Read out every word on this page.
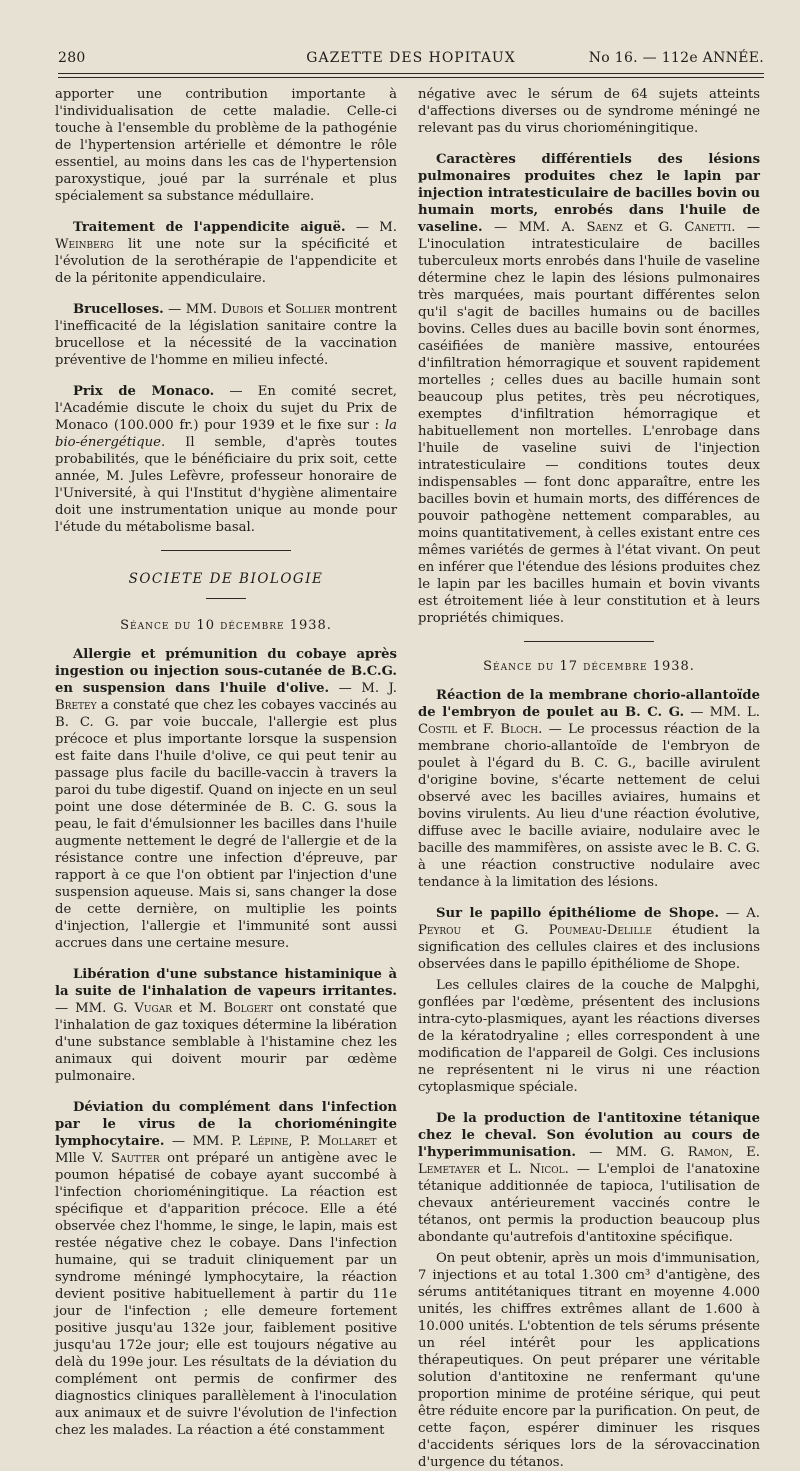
280	GAZETTE DES HOPITAUX	No 16. — 112e ANNÉE.

apporter une contribution importante à l'individualisation de cette maladie. Celle-ci touche à l'ensemble du problème de la pathogénie de l'hypertension artérielle et démontre le rôle essentiel, au moins dans les cas de l'hypertension paroxystique, joué par la surrénale et plus spécialement sa substance médullaire.

Traitement de l'appendicite aiguë. — M. Weinberg lit une note sur la spécificité et l'évolution de la serothérapie de l'appendicite et de la péritonite appendiculaire.

Brucelloses. — MM. Dubois et Sollier montrent l'inefficacité de la législation sanitaire contre la brucellose et la nécessité de la vaccination préventive de l'homme en milieu infecté.

Prix de Monaco. — En comité secret, l'Académie discute le choix du sujet du Prix de Monaco (100.000 fr.) pour 1939 et le fixe sur : la bio-énergétique. Il semble, d'après toutes probabilités, que le bénéficiaire du prix soit, cette année, M. Jules Lefèvre, professeur honoraire de l'Université, à qui l'Institut d'hygiène alimentaire doit une instrumentation unique au monde pour l'étude du métabolisme basal.

SOCIETE DE BIOLOGIE
Séance du 10 décembre 1938.

Allergie et prémunition du cobaye après ingestion ou injection sous-cutanée de B.C.G. en suspension dans l'huile d'olive. — M. J. Bretey a constaté que chez les cobayes vaccinés au B. C. G. par voie buccale, l'allergie est plus précoce et plus importante lorsque la suspension est faite dans l'huile d'olive, ce qui peut tenir au passage plus facile du bacille-vaccin à travers la paroi du tube digestif. Quand on injecte en un seul point une dose déterminée de B. C. G. sous la peau, le fait d'émulsionner les bacilles dans l'huile augmente nettement le degré de l'allergie et de la résistance contre une infection d'épreuve, par rapport à ce que l'on obtient par l'injection d'une suspension aqueuse. Mais si, sans changer la dose de cette dernière, on multiplie les points d'injection, l'allergie et l'immunité sont aussi accrues dans une certaine mesure.

Libération d'une substance histaminique à la suite de l'inhalation de vapeurs irritantes. — MM. G. Vugar et M. Bolgert ont constaté que l'inhalation de gaz toxiques détermine la libération d'une substance semblable à l'histamine chez les animaux qui doivent mourir par œdème pulmonaire.

Déviation du complément dans l'infection par le virus de la chorioméningite lymphocytaire. — MM. P. Lépine, P. Mollaret et Mlle V. Sautter ont préparé un antigène avec le poumon hépatisé de cobaye ayant succombé à l'infection chorioméningitique. La réaction est spécifique et d'apparition précoce. Elle a été observée chez l'homme, le singe, le lapin, mais est restée négative chez le cobaye. Dans l'infection humaine, qui se traduit cliniquement par un syndrome méningé lymphocytaire, la réaction devient positive habituellement à partir du 11e jour de l'infection ; elle demeure fortement positive jusqu'au 132e jour, faiblement positive jusqu'au 172e jour; elle est toujours négative au delà du 199e jour. Les résultats de la déviation du complément ont permis de confirmer des diagnostics cliniques parallèlement à l'inoculation aux animaux et de suivre l'évolution de l'infection chez les malades. La réaction a été constamment

négative avec le sérum de 64 sujets atteints d'affections diverses ou de syndrome méningé ne relevant pas du virus chorioméningitique.

Caractères différentiels des lésions pulmonaires produites chez le lapin par injection intratesticulaire de bacilles bovin ou humain morts, enrobés dans l'huile de vaseline. — MM. A. Saenz et G. Canetti. — L'inoculation intratesticulaire de bacilles tuberculeux morts enrobés dans l'huile de vaseline détermine chez le lapin des lésions pulmonaires très marquées, mais pourtant différentes selon qu'il s'agit de bacilles humains ou de bacilles bovins. Celles dues au bacille bovin sont énormes, caséifiées de manière massive, entourées d'infiltration hémorragique et souvent rapidement mortelles ; celles dues au bacille humain sont beaucoup plus petites, très peu nécrotiques, exemptes d'infiltration hémorragique et habituellement non mortelles. L'enrobage dans l'huile de vaseline suivi de l'injection intratesticulaire — conditions toutes deux indispensables — font donc apparaître, entre les bacilles bovin et humain morts, des différences de pouvoir pathogène nettement comparables, au moins quantitativement, à celles existant entre ces mêmes variétés de germes à l'état vivant. On peut en inférer que l'étendue des lésions produites chez le lapin par les bacilles humain et bovin vivants est étroitement liée à leur constitution et à leurs propriétés chimiques.

Séance du 17 décembre 1938.

Réaction de la membrane chorio-allantoïde de l'embryon de poulet au B. C. G. — MM. L. Costil et F. Bloch. — Le processus réaction de la membrane chorio-allantoïde de l'embryon de poulet à l'égard du B. C. G., bacille avirulent d'origine bovine, s'écarte nettement de celui observé avec les bacilles aviaires, humains et bovins virulents. Au lieu d'une réaction évolutive, diffuse avec le bacille aviaire, nodulaire avec le bacille des mammifères, on assiste avec le B. C. G. à une réaction constructive nodulaire avec tendance à la limitation des lésions.

Sur le papillo épithéliome de Shope. — A. Peyrou et G. Poumeau-Delille étudient la signification des cellules claires et des inclusions observées dans le papillo épithéliome de Shope.

Les cellules claires de la couche de Malpghi, gonflées par l'œdème, présentent des inclusions intra-cyto-plasmiques, ayant les réactions diverses de la kératodryaline ; elles correspondent à une modification de l'appareil de Golgi. Ces inclusions ne représentent ni le virus ni une réaction cytoplasmique spéciale.

De la production de l'antitoxine tétanique chez le cheval. Son évolution au cours de l'hyperimmunisation. — MM. G. Ramon, E. Lemetayer et L. Nicol. — L'emploi de l'anatoxine tétanique additionnée de tapioca, l'utilisation de chevaux antérieurement vaccinés contre le tétanos, ont permis la production beaucoup plus abondante qu'autrefois d'antitoxine spécifique.

On peut obtenir, après un mois d'immunisation, 7 injections et au total 1.300 cm³ d'antigène, des sérums antitétaniques titrant en moyenne 4.000 unités, les chiffres extrêmes allant de 1.600 à 10.000 unités. L'obtention de tels sérums présente un réel intérêt pour les applications thérapeutiques. On peut préparer une véritable solution d'antitoxine ne renfermant qu'une proportion minime de protéine sérique, qui peut être réduite encore par la purification. On peut, de cette façon, espérer diminuer les risques d'accidents sériques lors de la sérovaccination d'urgence du tétanos.
